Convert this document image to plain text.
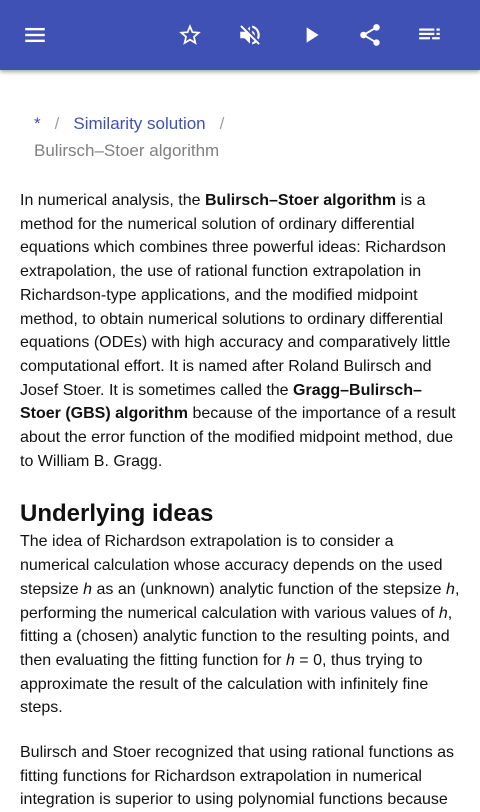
* / Similarity solution /
Bulirsch–Stoer algorithm

In numerical analysis, the Bulirsch–Stoer algorithm is a method for the numerical solution of ordinary differential equations which combines three powerful ideas: Richardson extrapolation, the use of rational function extrapolation in Richardson-type applications, and the modified midpoint method, to obtain numerical solutions to ordinary differential equations (ODEs) with high accuracy and comparatively little computational effort. It is named after Roland Bulirsch and Josef Stoer. It is sometimes called the Gragg–Bulirsch–Stoer (GBS) algorithm because of the importance of a result about the error function of the modified midpoint method, due to William B. Gragg.

Underlying ideas

The idea of Richardson extrapolation is to consider a numerical calculation whose accuracy depends on the used stepsize h as an (unknown) analytic function of the stepsize h, performing the numerical calculation with various values of h, fitting a (chosen) analytic function to the resulting points, and then evaluating the fitting function for h = 0, thus trying to approximate the result of the calculation with infinitely fine steps.

Bulirsch and Stoer recognized that using rational functions as fitting functions for Richardson extrapolation in numerical integration is superior to using polynomial functions because
